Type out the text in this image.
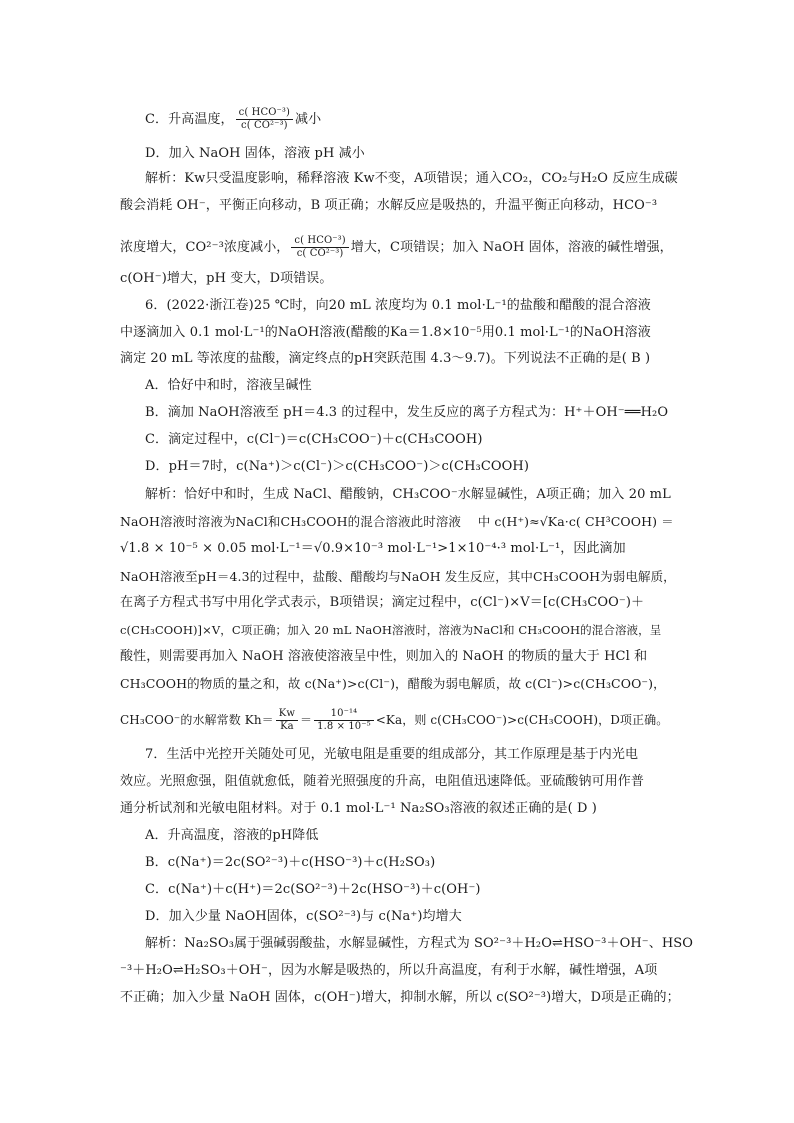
C．升高温度， $\frac{\text{c( HCO⁻³)}}{\text{c( CO²⁻³)}}$ 减小
D．加入 NaOH 固体，溶液 pH 减小
解析：Kw只受温度影响，稀释溶液 Kw不变，A项错误；通入CO₂，CO₂与H₂O 反应生成碳
酸会消耗 OH⁻，平衡正向移动，B 项正确；水解反应是吸热的，升温平衡正向移动，HCO⁻³
浓度增大，CO²⁻³浓度减小， $\frac{\text{c( HCO⁻³)}}{\text{c( CO²⁻³)}}$ 增大，C项错误；加入 NaOH 固体，溶液的碱性增强，
c(OH⁻)增大，pH 变大，D项错误。
6．(2022·浙江卷)25 ℃时，向20 mL 浓度均为 0.1 mol·L⁻¹的盐酸和醋酸的混合溶液
中逐滴加入 0.1 mol·L⁻¹的NaOH溶液(醋酸的Ka＝1.8×10⁻⁵用0.1 mol·L⁻¹的NaOH溶液
滴定 20 mL 等浓度的盐酸，滴定终点的pH突跃范围 4.3～9.7)。下列说法不正确的是( B )
A．恰好中和时，溶液呈碱性
B．滴加 NaOH溶液至 pH＝4.3 的过程中，发生反应的离子方程式为：H⁺＋OH⁻══H₂O
C．滴定过程中，c(Cl⁻)＝c(CH₃COO⁻)＋c(CH₃COOH)
D．pH＝7时，c(Na⁺)＞c(Cl⁻)＞c(CH₃COO⁻)＞c(CH₃COOH)
解析：恰好中和时，生成 NaCl、醋酸钠，CH₃COO⁻水解显碱性，A项正确；加入 20 mL
NaOH溶液时溶液为NaCl和CH₃COOH的混合溶液此时溶液　 中 c(H⁺)≈√Ka·c( CH³COOH) ＝
√1.8 × 10⁻⁵ × 0.05 mol·L⁻¹＝√0.9×10⁻³ mol·L⁻¹>1×10⁻⁴·³ mol·L⁻¹，因此滴加
NaOH溶液至pH＝4.3的过程中，盐酸、醋酸均与NaOH 发生反应，其中CH₃COOH为弱电解质，
在离子方程式书写中用化学式表示，B项错误；滴定过程中，c(Cl⁻)×V＝[c(CH₃COO⁻)＋
c(CH₃COOH)]×V，C项正确；加入 20 mL NaOH溶液时，溶液为NaCl和 CH₃COOH的混合溶液，呈
酸性，则需要再加入 NaOH 溶液使溶液呈中性，则加入的 NaOH 的物质的量大于 HCl 和
CH₃COOH的物质的量之和，故 c(Na⁺)>c(Cl⁻)，醋酸为弱电解质，故 c(Cl⁻)>c(CH₃COO⁻)，
CH₃COO⁻的水解常数 $Kh= \frac{Kw}{Ka} = \frac{\text{10⁻¹⁴}}{\text{1.8 × 10⁻⁵}} <Ka$，则 c(CH₃COO⁻)>c(CH₃COOH)，D项正确。
7．生活中光控开关随处可见，光敏电阻是重要的组成部分，其工作原理是基于内光电
效应。光照愈强，阻值就愈低，随着光照强度的升高，电阻值迅速降低。亚硫酸钠可用作普
通分析试剂和光敏电阻材料。对于 0.1 mol·L⁻¹ Na₂SO₃溶液的叙述正确的是( D )
A．升高温度，溶液的pH降低
B．c(Na⁺)＝2c(SO²⁻³)＋c(HSO⁻³)＋c(H₂SO₃)
C．c(Na⁺)＋c(H⁺)＝2c(SO²⁻³)＋2c(HSO⁻³)＋c(OH⁻)
D．加入少量 NaOH固体，c(SO²⁻³)与 c(Na⁺)均增大
解析：Na₂SO₃属于强碱弱酸盐，水解显碱性，方程式为 SO²⁻³＋H₂O⇌HSO⁻³＋OH⁻、HSO
⁻³＋H₂O⇌H₂SO₃＋OH⁻，因为水解是吸热的，所以升高温度，有利于水解，碱性增强，A项
不正确；加入少量 NaOH 固体，c(OH⁻)增大，抑制水解，所以 c(SO²⁻³)增大，D项是正确的；
